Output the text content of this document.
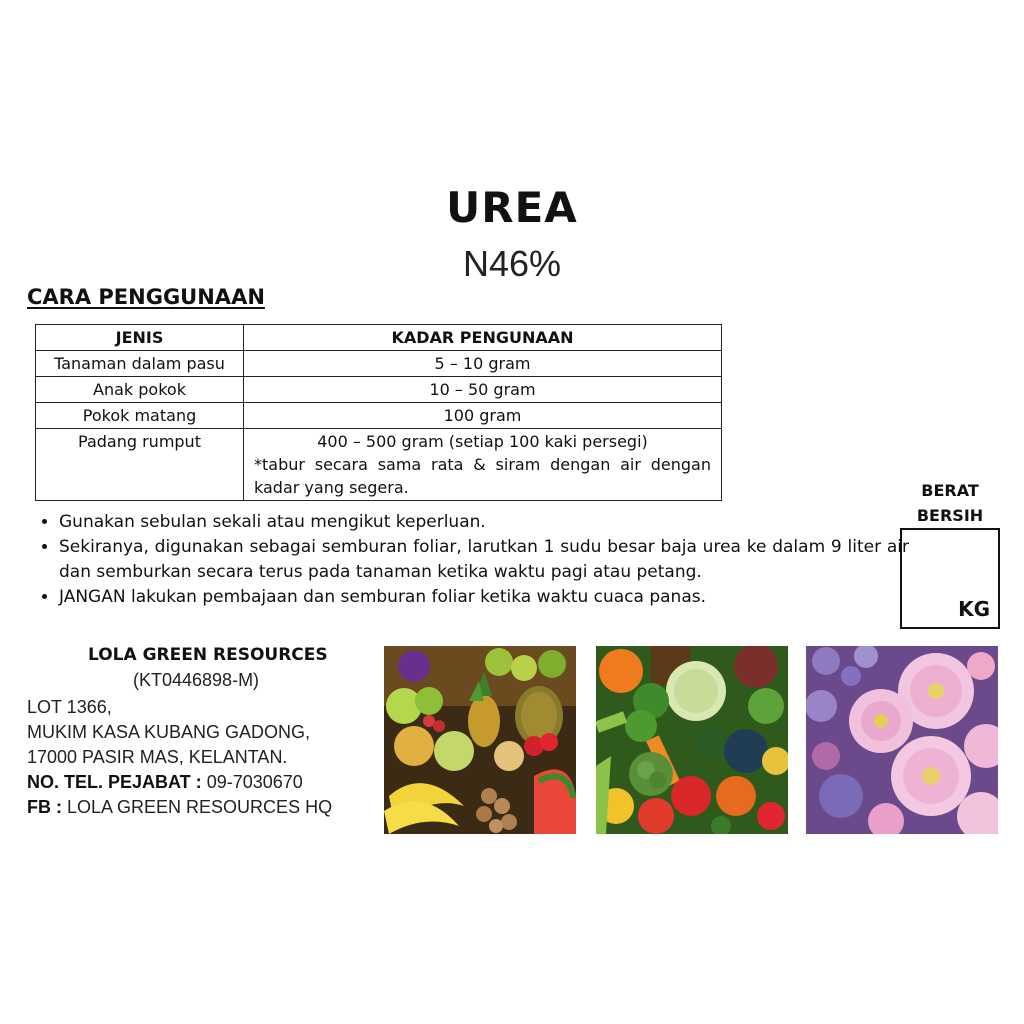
UREA
N46%
CARA PENGGUNAAN
JENIS	KADAR PENGUNAAN
Tanaman dalam pasu	5 – 10 gram
Anak pokok	10 – 50 gram
Pokok matang	100 gram
Padang rumput	400 – 500 gram (setiap 100 kaki persegi)
*tabur secara sama rata & siram dengan air dengan kadar yang segera.
• Gunakan sebulan sekali atau mengikut keperluan.
• Sekiranya, digunakan sebagai semburan foliar, larutkan 1 sudu besar baja urea ke dalam 9 liter air dan semburkan secara terus pada tanaman ketika waktu pagi atau petang.
• JANGAN lakukan pembajaan dan semburan foliar ketika waktu cuaca panas.
BERAT
BERSIH
KG
LOLA GREEN RESOURCES
(KT0446898-M)
LOT 1366,
MUKIM KASA KUBANG GADONG,
17000 PASIR MAS, KELANTAN.
NO. TEL. PEJABAT : 09-7030670
FB : LOLA GREEN RESOURCES HQ
